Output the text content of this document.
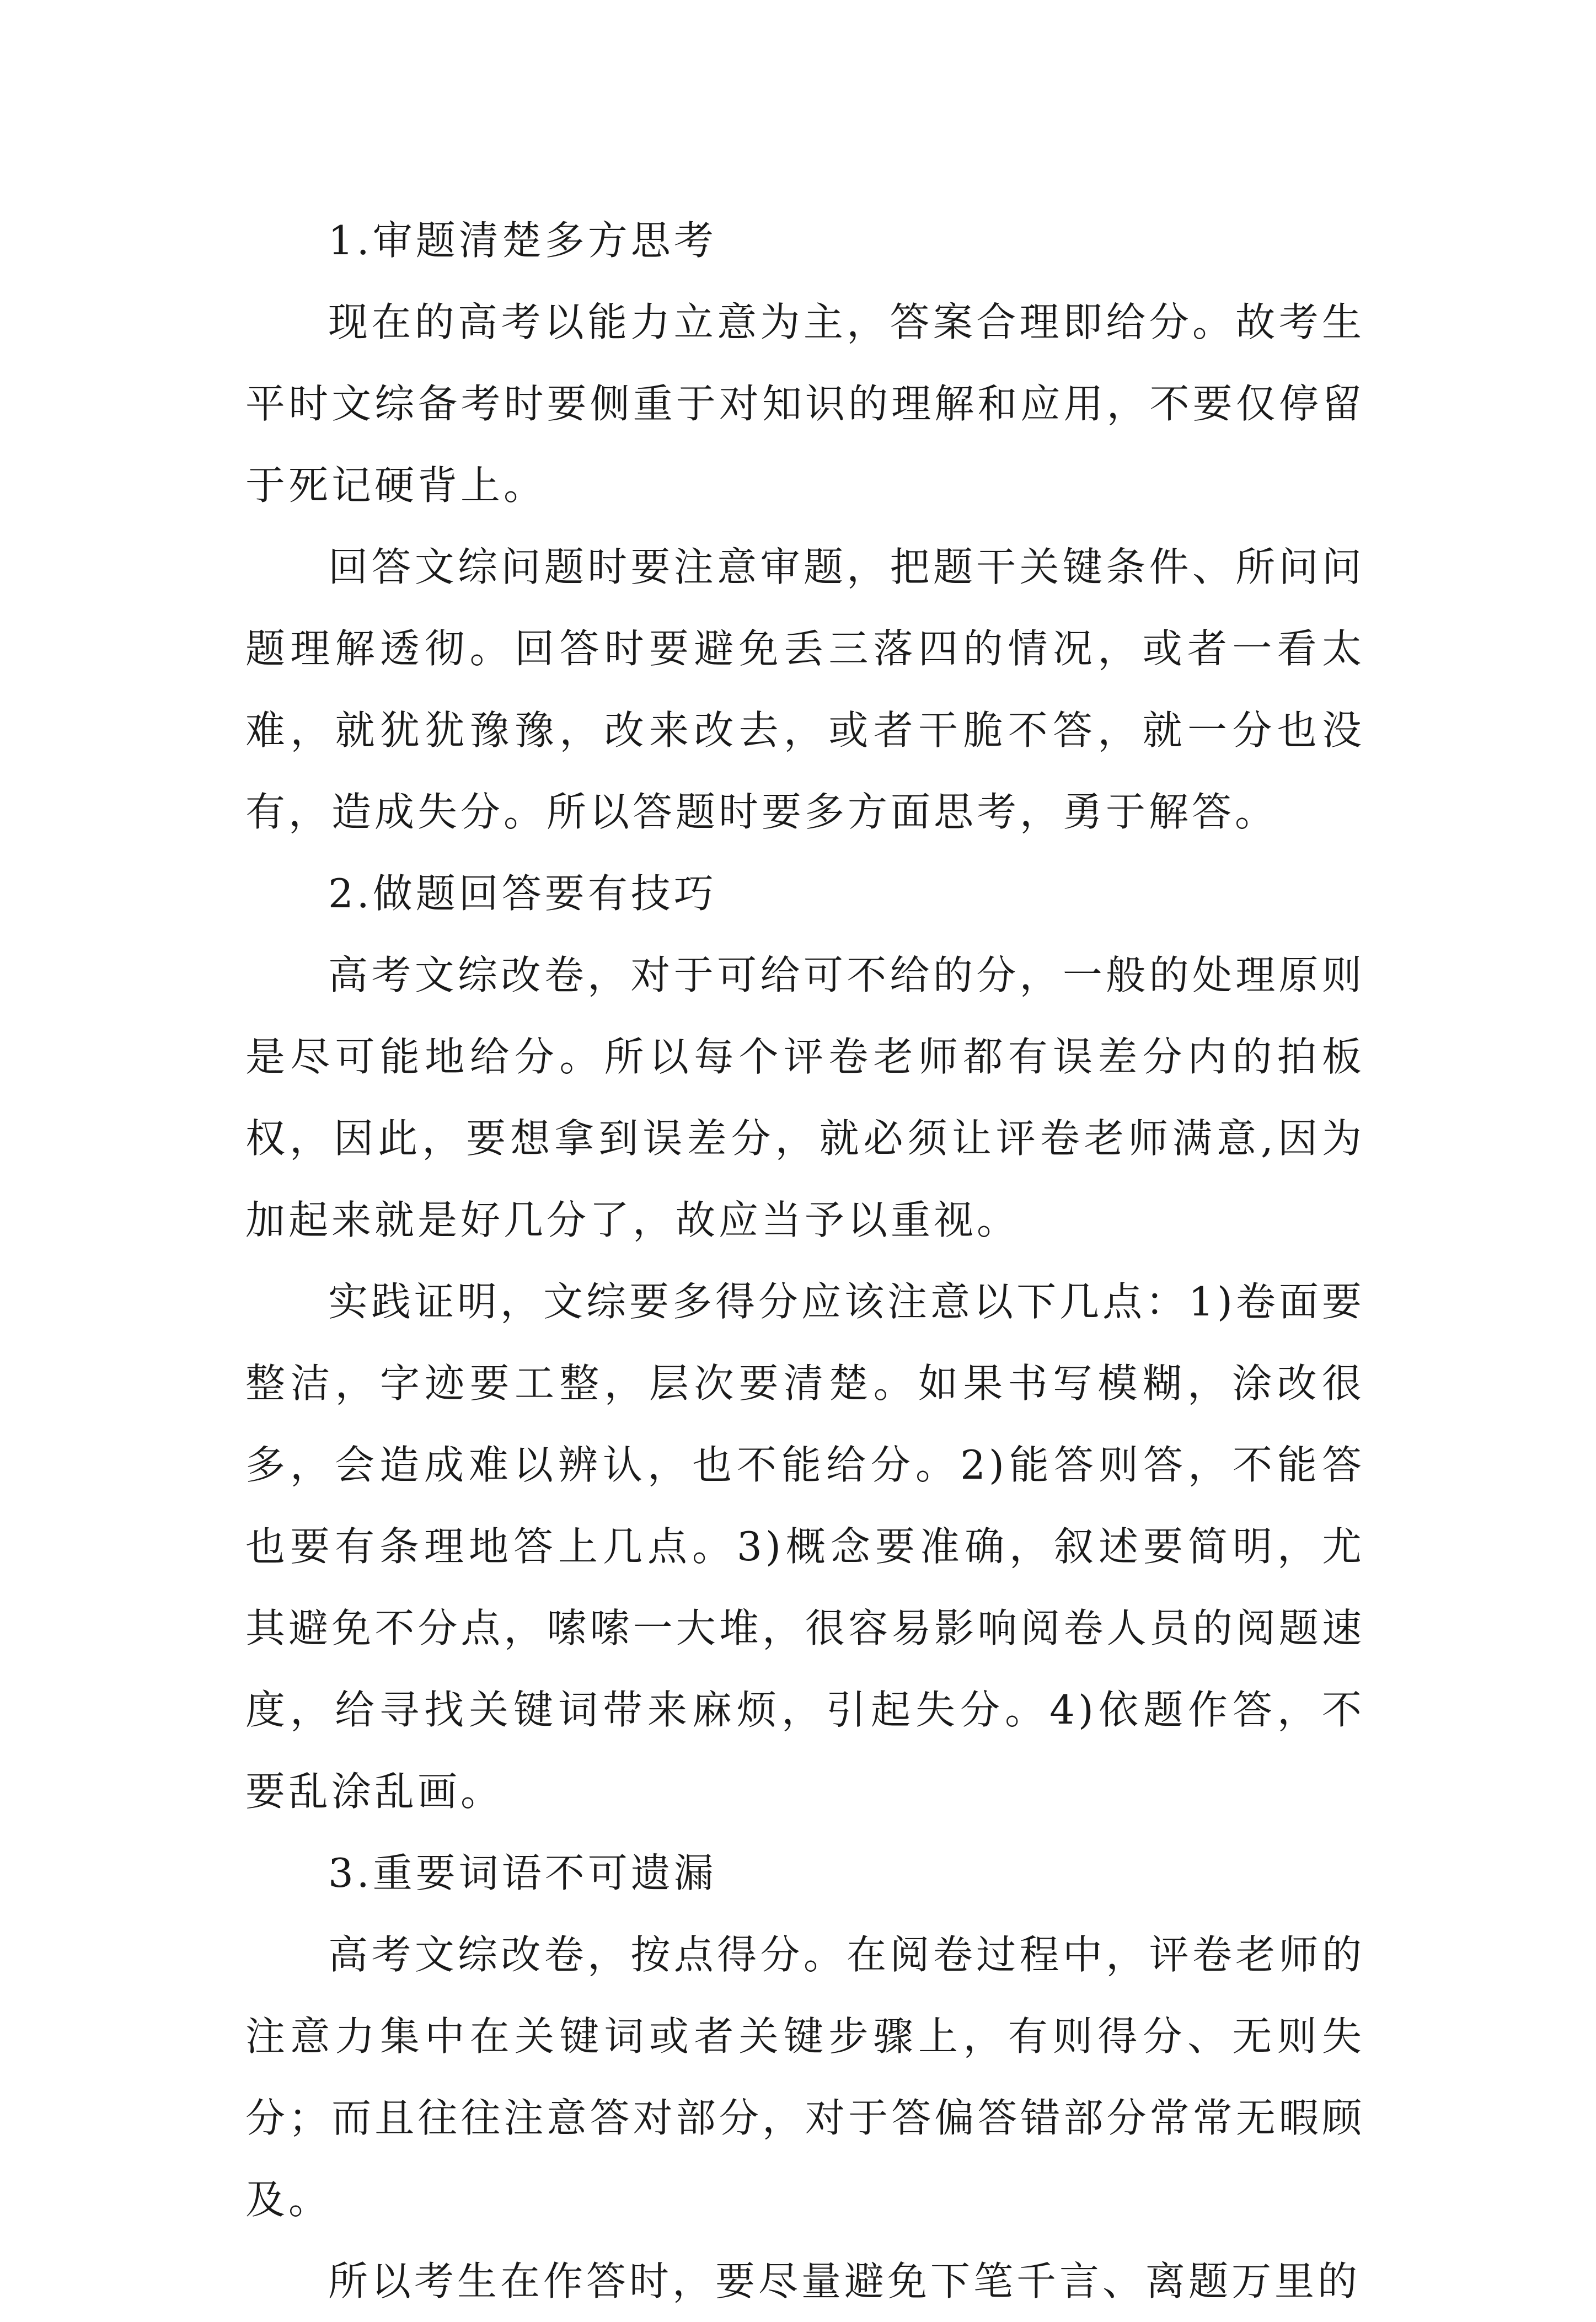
1.审题清楚多方思考

现在的高考以能力立意为主，答案合理即给分。故考生平时文综备考时要侧重于对知识的理解和应用，不要仅停留于死记硬背上。

回答文综问题时要注意审题，把题干关键条件、所问问题理解透彻。回答时要避免丢三落四的情况，或者一看太难，就犹犹豫豫，改来改去，或者干脆不答，就一分也没有，造成失分。所以答题时要多方面思考，勇于解答。

2.做题回答要有技巧

高考文综改卷，对于可给可不给的分，一般的处理原则是尽可能地给分。所以每个评卷老师都有误差分内的拍板权，因此，要想拿到误差分，就必须让评卷老师满意,因为加起来就是好几分了，故应当予以重视。

实践证明，文综要多得分应该注意以下几点：1)卷面要整洁，字迹要工整，层次要清楚。如果书写模糊，涂改很多，会造成难以辨认，也不能给分。2)能答则答，不能答也要有条理地答上几点。3)概念要准确，叙述要简明，尤其避免不分点，嗦嗦一大堆，很容易影响阅卷人员的阅题速度，给寻找关键词带来麻烦，引起失分。4)依题作答，不要乱涂乱画。

3.重要词语不可遗漏

高考文综改卷，按点得分。在阅卷过程中，评卷老师的注意力集中在关键词或者关键步骤上，有则得分、无则失分；而且往往注意答对部分，对于答偏答错部分常常无暇顾及。

所以考生在作答时，要尽量避免下笔千言、离题万里的
